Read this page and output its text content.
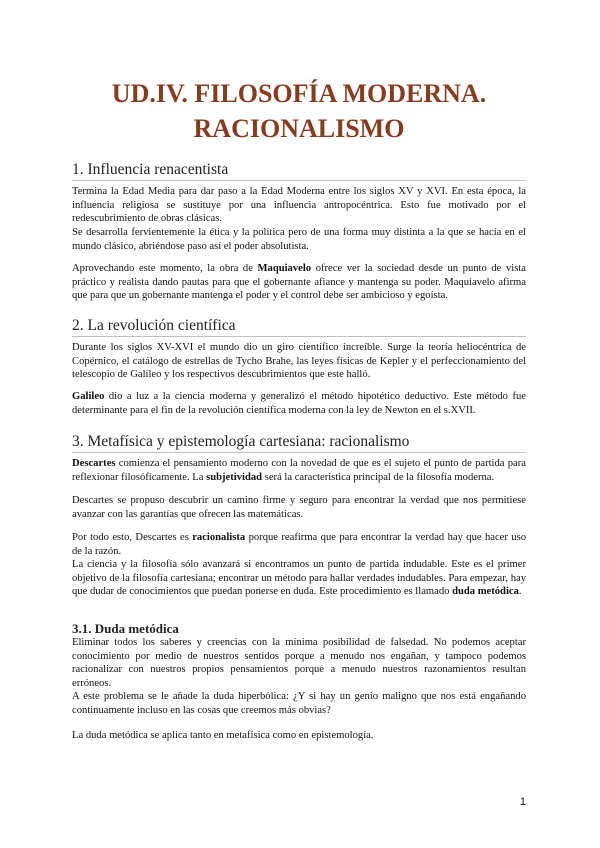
UD.IV. FILOSOFÍA MODERNA.
RACIONALISMO
1. Influencia renacentista

Termina la Edad Media para dar paso a la Edad Moderna entre los siglos XV y XVI. En esta época, la influencia religiosa se sustituye por una influencia antropocéntrica. Esto fue motivado por el redescubrimiento de obras clásicas.

Se desarrolla fervientemente la ética y la política pero de una forma muy distinta a la que se hacía en el mundo clásico, abriéndose paso así el poder absolutista.

Aprovechando este momento, la obra de Maquiavelo ofrece ver la sociedad desde un punto de vista práctico y realista dando pautas para que el gobernante afiance y mantenga su poder. Maquiavelo afirma que para que un gobernante mantenga el poder y el control debe ser ambicioso y egoísta.

2. La revolución científica

Durante los siglos XV-XVI el mundo dio un giro científico increíble. Surge la teoría heliocéntrica de Copérnico, el catálogo de estrellas de Tycho Brahe, las leyes físicas de Kepler y el perfeccionamiento del telescopio de Galileo y los respectivos descubrimientos que este halló.

Galileo dio a luz a la ciencia moderna y generalizó el método hipotético deductivo. Este método fue determinante para el fin de la revolución científica moderna con la ley de Newton en el s.XVII.

3. Metafísica y epistemología cartesiana: racionalismo

Descartes comienza el pensamiento moderno con la novedad de que es el sujeto el punto de partida para reflexionar filosóficamente. La subjetividad será la característica principal de la filosofía moderna.

Descartes se propuso descubrir un camino firme y seguro para encontrar la verdad que nos permitiese avanzar con las garantías que ofrecen las matemáticas.

Por todo esto, Descartes es racionalista porque reafirma que para encontrar la verdad hay que hacer uso de la razón.

La ciencia y la filosofía sólo avanzará si encontramos un punto de partida indudable. Este es el primer objetivo de la filosofía cartesiana; encontrar un método para hallar verdades indudables. Para empezar, hay que dudar de conocimientos que puedan ponerse en duda. Este procedimiento es llamado duda metódica.

3.1. Duda metódica

Eliminar todos los saberes y creencias con la mínima posibilidad de falsedad. No podemos aceptar conocimiento por medio de nuestros sentidos porque a menudo nos engañan, y tampoco podemos racionalizar con nuestros propios pensamientos porque a menudo nuestros razonamientos resultan erróneos.

A este problema se le añade la duda hiperbólica: ¿Y si hay un genio maligno que nos está engañando continuamente incluso en las cosas que creemos más obvias?

La duda metódica se aplica tanto en metafísica como en epistemología.

1
